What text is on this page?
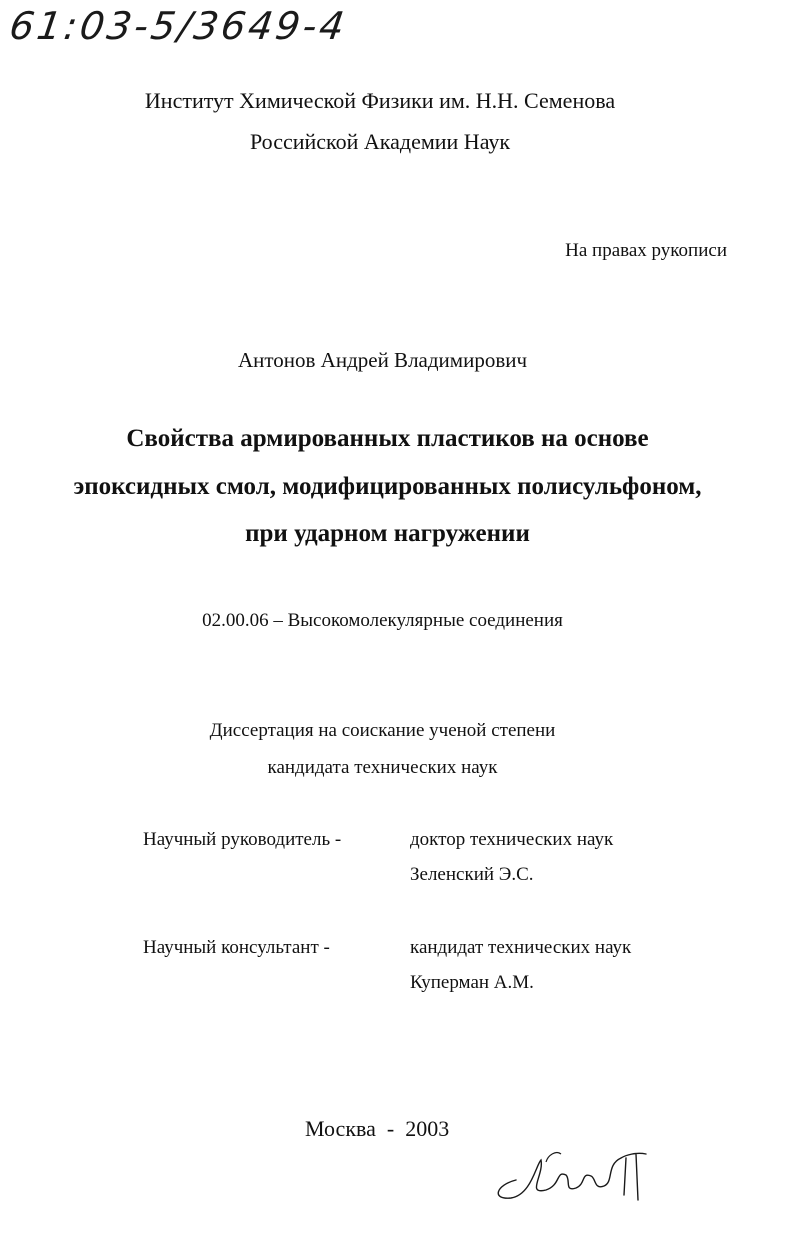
61:03-5/3649-4
Институт Химической Физики им. Н.Н. Семенова
Российской Академии Наук
На правах рукописи
Антонов Андрей Владимирович
Свойства армированных пластиков на основе
эпоксидных смол, модифицированных полисульфоном,
при ударном нагружении
02.00.06 – Высокомолекулярные соединения
Диссертация на соискание ученой степени
кандидата технических наук
Научный руководитель -	доктор технических наук
Зеленский Э.С.
Научный консультант -	кандидат технических наук
Куперман А.М.
Москва  -  2003
